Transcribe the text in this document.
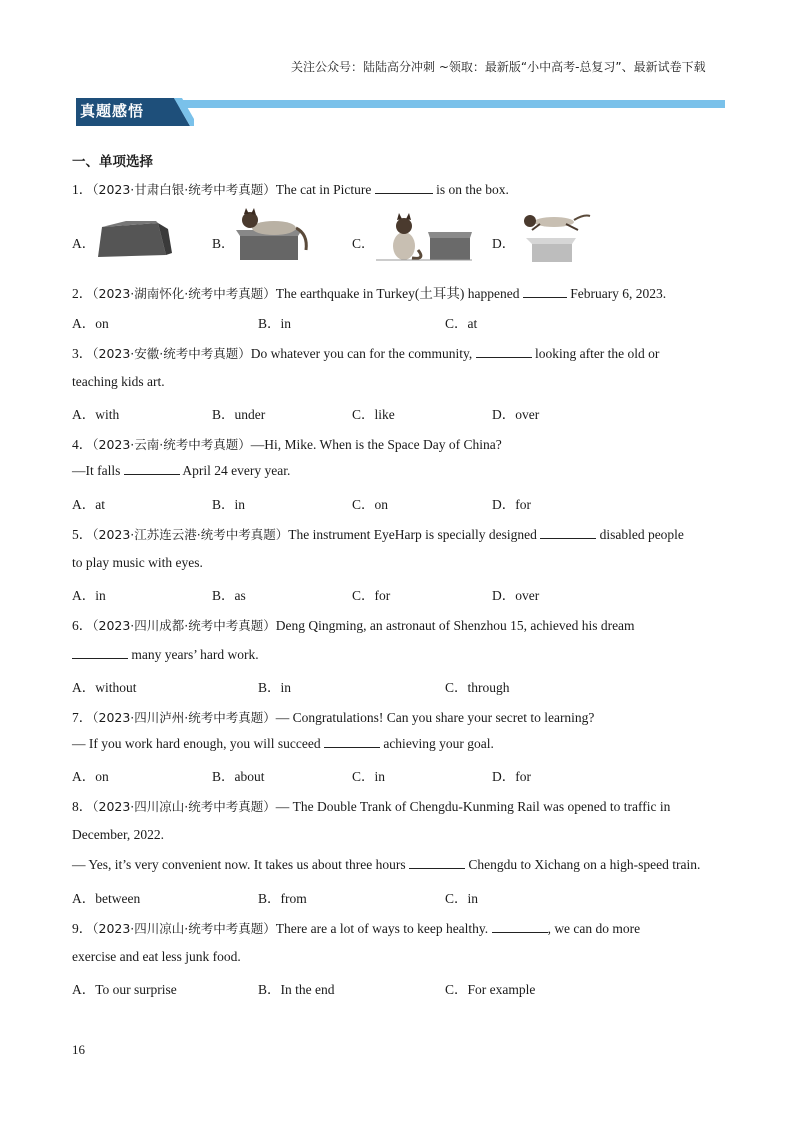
关注公众号：陆陆高分冲刺 ~领取：最新版“小中高考-总复习”、最新试卷下载
真题感悟
一、单项选择
1．（2023·甘肃白银·统考中考真题）The cat in Picture	is on the box.
A．	B．	C．	D．
2．（2023·湖南怀化·统考中考真题）The earthquake in Turkey(土耳其) happened	February 6, 2023.
A．on	B．in	C．at
3．（2023·安徽·统考中考真题）Do whatever you can for the community,	looking after the old or
teaching kids art.
A．with	B．under	C．like	D．over
4．（2023·云南·统考中考真题）—Hi, Mike. When is the Space Day of China?
—It falls	April 24 every year.
A．at	B．in	C．on	D．for
5．（2023·江苏连云港·统考中考真题）The instrument EyeHarp is specially designed	disabled people
to play music with eyes.
A．in	B．as	C．for	D．over
6．（2023·四川成都·统考中考真题）Deng Qingming, an astronaut of Shenzhou 15, achieved his dream
many years’ hard work.
A．without	B．in	C．through
7．（2023·四川泸州·统考中考真题）— Congratulations! Can you share your secret to learning?
— If you work hard enough, you will succeed	achieving your goal.
A．on	B．about	C．in	D．for
8．（2023·四川凉山·统考中考真题）— The Double Trank of Chengdu-Kunming Rail was opened to traffic in
December, 2022.
— Yes, it’s very convenient now. It takes us about three hours	Chengdu to Xichang on a high-speed train.
A．between	B．from	C．in
9．（2023·四川凉山·统考中考真题）There are a lot of ways to keep healthy.	, we can do more
exercise and eat less junk food.
A．To our surprise	B．In the end	C．For example
16
